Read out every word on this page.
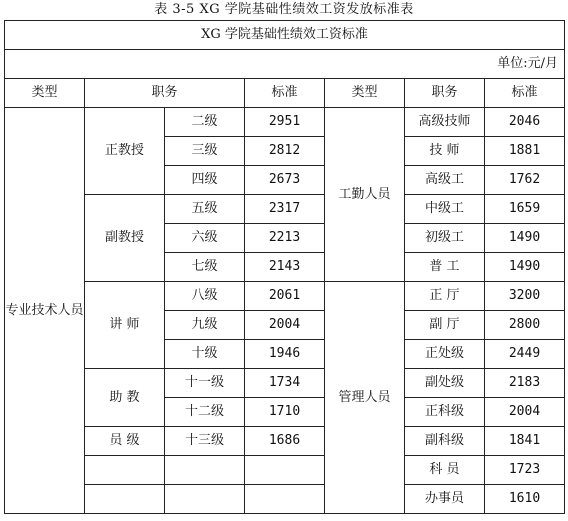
表 3-5 XG 学院基础性绩效工资发放标准表
XG 学院基础性绩效工资标准						
单位:元/月						
类型	职务		标准	类型	职务	标准
专业技术人员	正教授	二级	2951	工勤人员	高级技师	2046
		三级	2812		技 师	1881
		四级	2673		高级工	1762
	副教授	五级	2317		中级工	1659
		六级	2213		初级工	1490
		七级	2143		普 工	1490
	讲 师	八级	2061	管理人员	正 厅	3200
		九级	2004		副 厅	2800
		十级	1946		正处级	2449
	助 教	十一级	1734		副处级	2183
		十二级	1710		正科级	2004
	员 级	十三级	1686		副科级	1841
					科 员	1723
					办事员	1610
